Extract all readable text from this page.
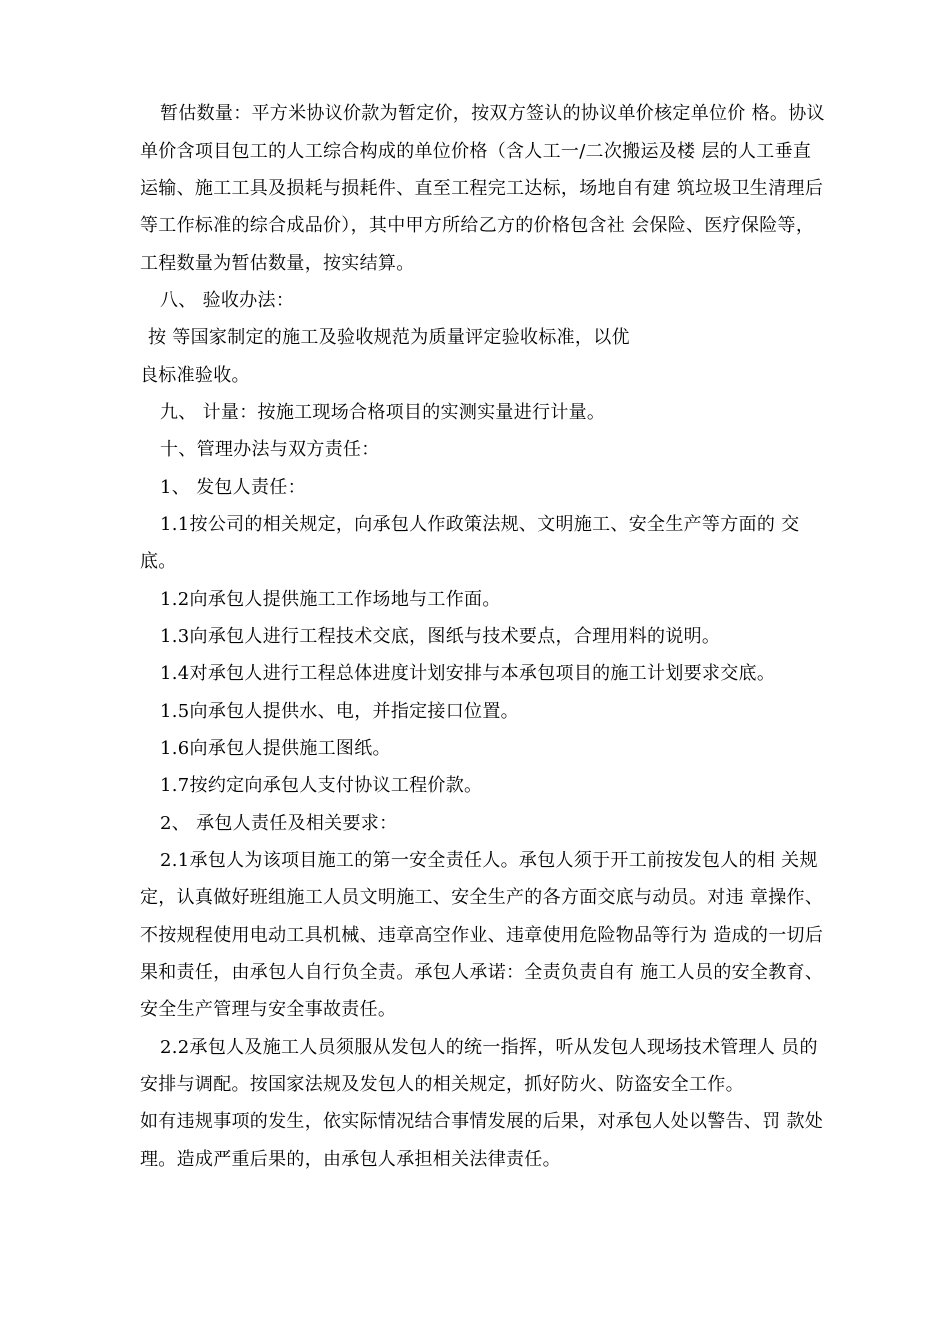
暂估数量：平方米协议价款为暂定价，按双方签认的协议单价核定单位价 格。协议
单价含项目包工的人工综合构成的单位价格（含人工一/二次搬运及楼 层的人工垂直
运输、施工工具及损耗与损耗件、直至工程完工达标，场地自有建 筑垃圾卫生清理后
等工作标准的综合成品价），其中甲方所给乙方的价格包含社 会保险、医疗保险等，
工程数量为暂估数量，按实结算。
八、 验收办法：
按 等国家制定的施工及验收规范为质量评定验收标准，以优
良标准验收。
九、 计量：按施工现场合格项目的实测实量进行计量。
十、管理办法与双方责任：
1、 发包人责任：
1.1按公司的相关规定，向承包人作政策法规、文明施工、安全生产等方面的 交
底。
1.2向承包人提供施工工作场地与工作面。
1.3向承包人进行工程技术交底，图纸与技术要点，合理用料的说明。
1.4对承包人进行工程总体进度计划安排与本承包项目的施工计划要求交底。
1.5向承包人提供水、电，并指定接口位置。
1.6向承包人提供施工图纸。
1.7按约定向承包人支付协议工程价款。
2、 承包人责任及相关要求：
2.1承包人为该项目施工的第一安全责任人。承包人须于开工前按发包人的相 关规
定，认真做好班组施工人员文明施工、安全生产的各方面交底与动员。对违 章操作、
不按规程使用电动工具机械、违章高空作业、违章使用危险物品等行为 造成的一切后
果和责任，由承包人自行负全责。承包人承诺：全责负责自有 施工人员的安全教育、
安全生产管理与安全事故责任。
2.2承包人及施工人员须服从发包人的统一指挥，听从发包人现场技术管理人 员的
安排与调配。按国家法规及发包人的相关规定，抓好防火、防盗安全工作。
如有违规事项的发生，依实际情况结合事情发展的后果，对承包人处以警告、罚 款处
理。造成严重后果的，由承包人承担相关法律责任。
